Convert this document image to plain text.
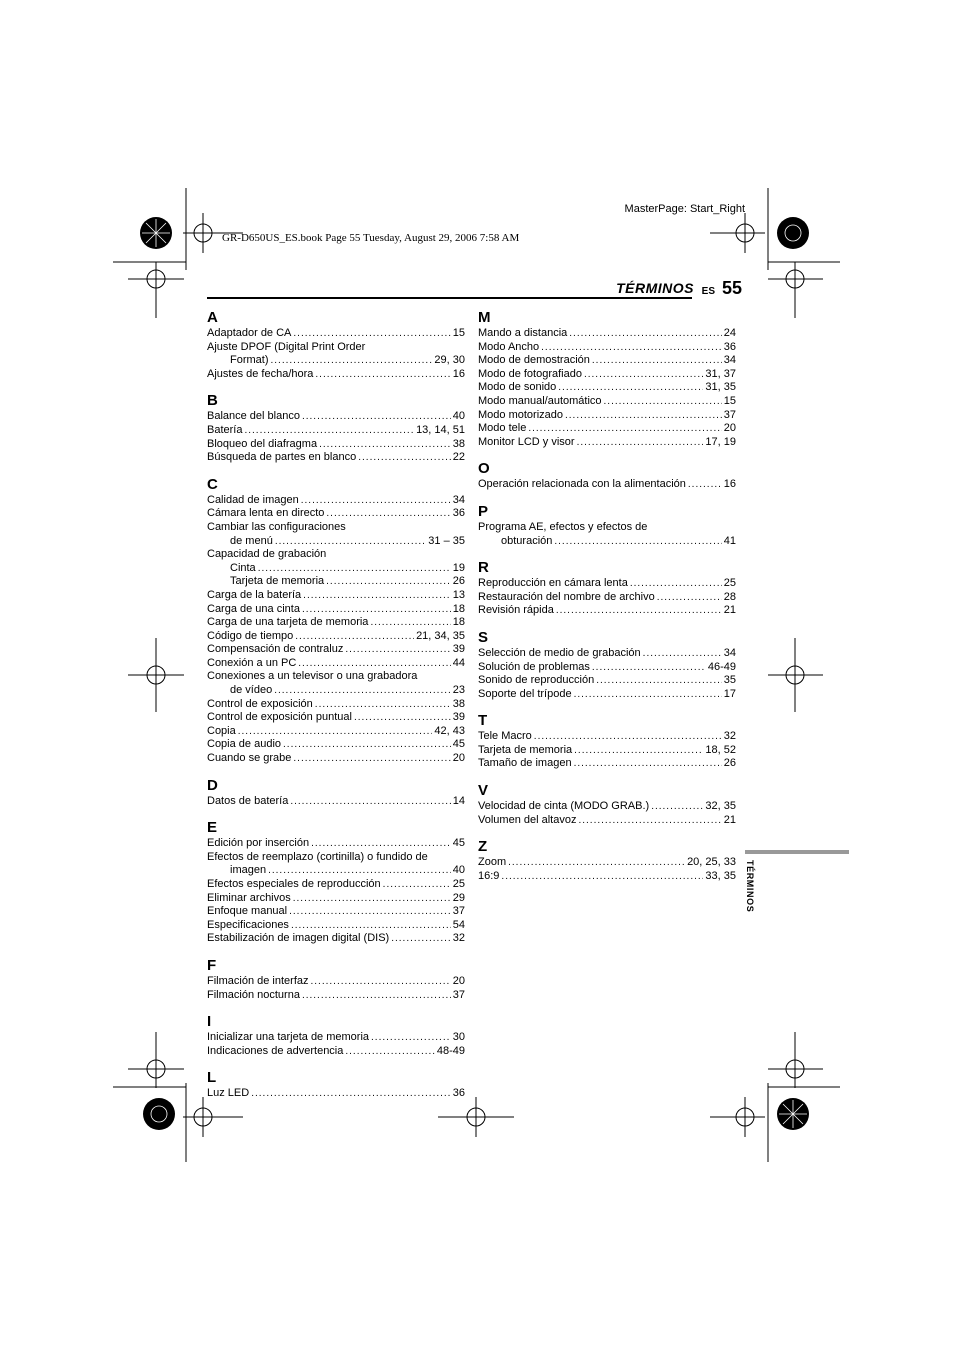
MasterPage: Start_Right
GR-D650US_ES.book Page 55 Tuesday, August 29, 2006 7:58 AM
TÉRMINOS ES 55
A
Adaptador de CA .....	15
Ajuste DPOF (Digital Print Order
Format) .....	29, 30
Ajustes de fecha/hora .....	16
B
Balance del blanco .....	40
Batería .....	13, 14, 51
Bloqueo del diafragma .....	38
Búsqueda de partes en blanco .....	22
C
Calidad de imagen .....	34
Cámara lenta en directo .....	36
Cambiar las configuraciones
de menú .....	31 – 35
Capacidad de grabación
Cinta .....	19
Tarjeta de memoria .....	26
Carga de la batería .....	13
Carga de una cinta .....	18
Carga de una tarjeta de memoria .....	18
Código de tiempo .....	21, 34, 35
Compensación de contraluz .....	39
Conexión a un PC .....	44
Conexiones a un televisor o una grabadora
de vídeo .....	23
Control de exposición .....	38
Control de exposición puntual .....	39
Copia .....	42, 43
Copia de audio .....	45
Cuando se grabe .....	20
D
Datos de batería .....	14
E
Edición por inserción .....	45
Efectos de reemplazo (cortinilla) o fundido de
imagen .....	40
Efectos especiales de reproducción .....	25
Eliminar archivos .....	29
Enfoque manual .....	37
Especificaciones .....	54
Estabilización de imagen digital (DIS) .....	32
F
Filmación de interfaz .....	20
Filmación nocturna .....	37
I
Inicializar una tarjeta de memoria .....	30
Indicaciones de advertencia .....	48-49
L
Luz LED .....	36
M
Mando a distancia .....	24
Modo Ancho .....	36
Modo de demostración .....	34
Modo de fotografiado .....	31, 37
Modo de sonido .....	31, 35
Modo manual/automático .....	15
Modo motorizado .....	37
Modo tele .....	20
Monitor LCD y visor .....	17, 19
O
Operación relacionada con la alimentación .....	16
P
Programa AE, efectos y efectos de
obturación .....	41
R
Reproducción en cámara lenta .....	25
Restauración del nombre de archivo .....	28
Revisión rápida .....	21
S
Selección de medio de grabación .....	34
Solución de problemas .....	46-49
Sonido de reproducción .....	35
Soporte del trípode .....	17
T
Tele Macro .....	32
Tarjeta de memoria .....	18, 52
Tamaño de imagen .....	26
V
Velocidad de cinta (MODO GRAB.) .....	32, 35
Volumen del altavoz .....	21
Z
Zoom .....	20, 25, 33
16:9 .....	33, 35 TÉRMINOS
